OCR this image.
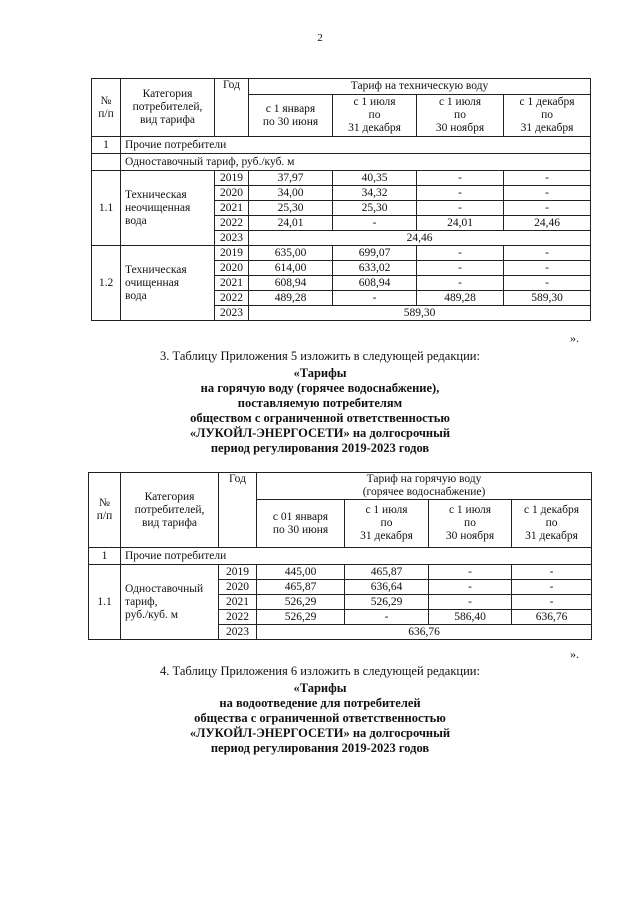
2
№
п/п	Категория
потребителей,
вид тарифа	Год	Тариф на техническую воду			
			с 1 января
по 30 июня	с 1 июля
по
31 декабря	с 1 июля
по
30 ноября	с 1 декабря
по
31 декабря
1	Прочие потребители					
	Одноставочный тариф, руб./куб. м					
1.1	Техническая
неочищенная
вода	2019	37,97	40,35	-	-
		2020	34,00	34,32	-	-
		2021	25,30	25,30	-	-
		2022	24,01	-	24,01	24,46
		2023	24,46			
1.2	Техническая
очищенная
вода	2019	635,00	699,07	-	-
		2020	614,00	633,02	-	-
		2021	608,94	608,94	-	-
		2022	489,28	-	489,28	589,30
		2023	589,30			
».
3. Таблицу Приложения 5 изложить в следующей редакции:
«Тарифы
на горячую воду (горячее водоснабжение),
поставляемую потребителям
обществом с ограниченной ответственностью
«ЛУКОЙЛ-ЭНЕРГОСЕТИ» на долгосрочный
период регулирования 2019-2023 годов
№
п/п	Категория
потребителей,
вид тарифа	Год	Тариф на горячую воду
(горячее водоснабжение)			
			с 01 января
по 30 июня	с 1 июля
по
31 декабря	с 1 июля
по
30 ноября	с 1 декабря
по
31 декабря
1	Прочие потребители					
1.1	Одноставочный
тариф,
руб./куб. м	2019	445,00	465,87	-	-
		2020	465,87	636,64	-	-
		2021	526,29	526,29	-	-
		2022	526,29	-	586,40	636,76
		2023	636,76			
».
4. Таблицу Приложения 6 изложить в следующей редакции:
«Тарифы
на водоотведение для потребителей
общества с ограниченной ответственностью
«ЛУКОЙЛ-ЭНЕРГОСЕТИ» на долгосрочный
период регулирования 2019-2023 годов
